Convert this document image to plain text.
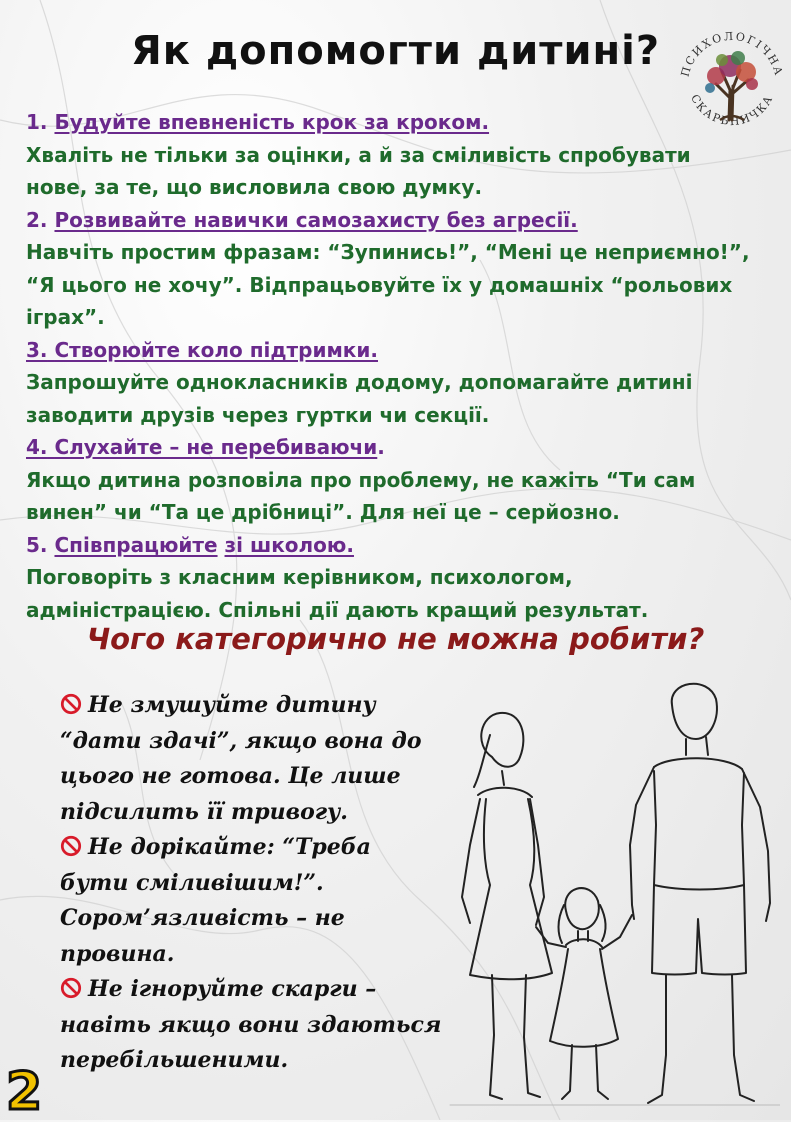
Як допомогти дитині?	ПСИХОЛОГІЧНА
СКАРБНИЧКА

1. Будуйте впевненість крок за кроком.

Хваліть не тільки за оцінки, а й за сміливість спробувати

нове, за те, що висловила свою думку.

2. Розвивайте навички самозахисту без агресії.

Навчіть простим фразам: “Зупинись!”, “Мені це неприємно!”,

“Я цього не хочу”. Відпрацьовуйте їх у домашніх “рольових

іграх”.

3. Створюйте коло підтримки.

Запрошуйте однокласників додому, допомагайте дитині

заводити друзів через гуртки чи секції.

4. Слухайте – не перебиваючи.

Якщо дитина розповіла про проблему, не кажіть “Ти сам

винен” чи “Та це дрібниці”. Для неї це – серйозно.

5. Співпрацюйте зі школою.

Поговоріть з класним керівником, психологом,

адміністрацією. Спільні дії дають кращий результат.

Чого категорично не можна робити?

Не змушуйте дитину

“дати здачі”, якщо вона до

цього не готова. Це лише

підсилить її тривогу.

Не дорікайте: “Треба

бути сміливішим!”.

Сором’язливість – не

провина.

Не ігноруйте скарги –

навіть якщо вони здаються

перебільшеними.

2
